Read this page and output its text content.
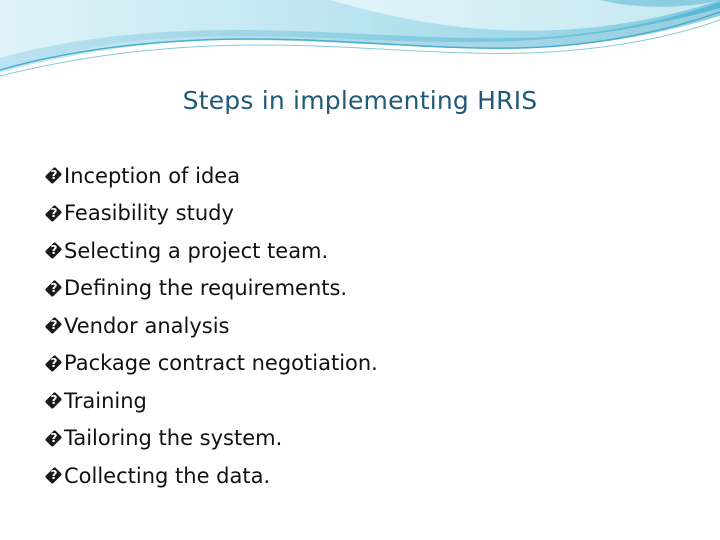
Steps in implementing HRIS
?
Inception of idea
?
Feasibility study
?
Selecting a project team.
?
Defining the requirements.
?
Vendor analysis
?
Package contract negotiation.
?
Training
?
Tailoring the system.
?
Collecting the data.
